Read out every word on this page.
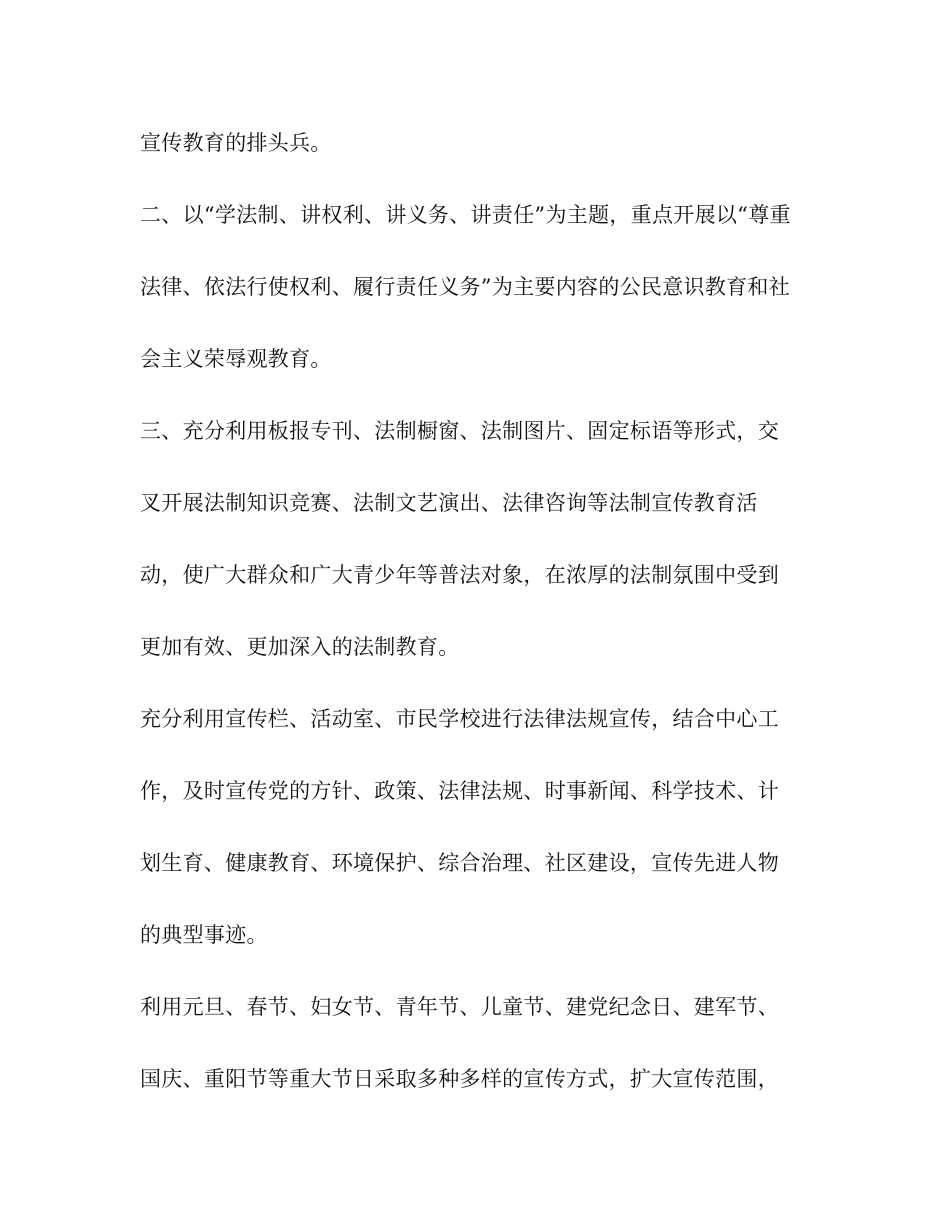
宣传教育的排头兵。

二、以“学法制、讲权利、讲义务、讲责任”为主题，重点开展以“尊重

法律、依法行使权利、履行责任义务”为主要内容的公民意识教育和社

会主义荣辱观教育。

三、充分利用板报专刊、法制橱窗、法制图片、固定标语等形式，交

叉开展法制知识竞赛、法制文艺演出、法律咨询等法制宣传教育活

动，使广大群众和广大青少年等普法对象，在浓厚的法制氛围中受到

更加有效、更加深入的法制教育。

充分利用宣传栏、活动室、市民学校进行法律法规宣传，结合中心工

作，及时宣传党的方针、政策、法律法规、时事新闻、科学技术、计

划生育、健康教育、环境保护、综合治理、社区建设，宣传先进人物

的典型事迹。

利用元旦、春节、妇女节、青年节、儿童节、建党纪念日、建军节、

国庆、重阳节等重大节日采取多种多样的宣传方式，扩大宣传范围，
